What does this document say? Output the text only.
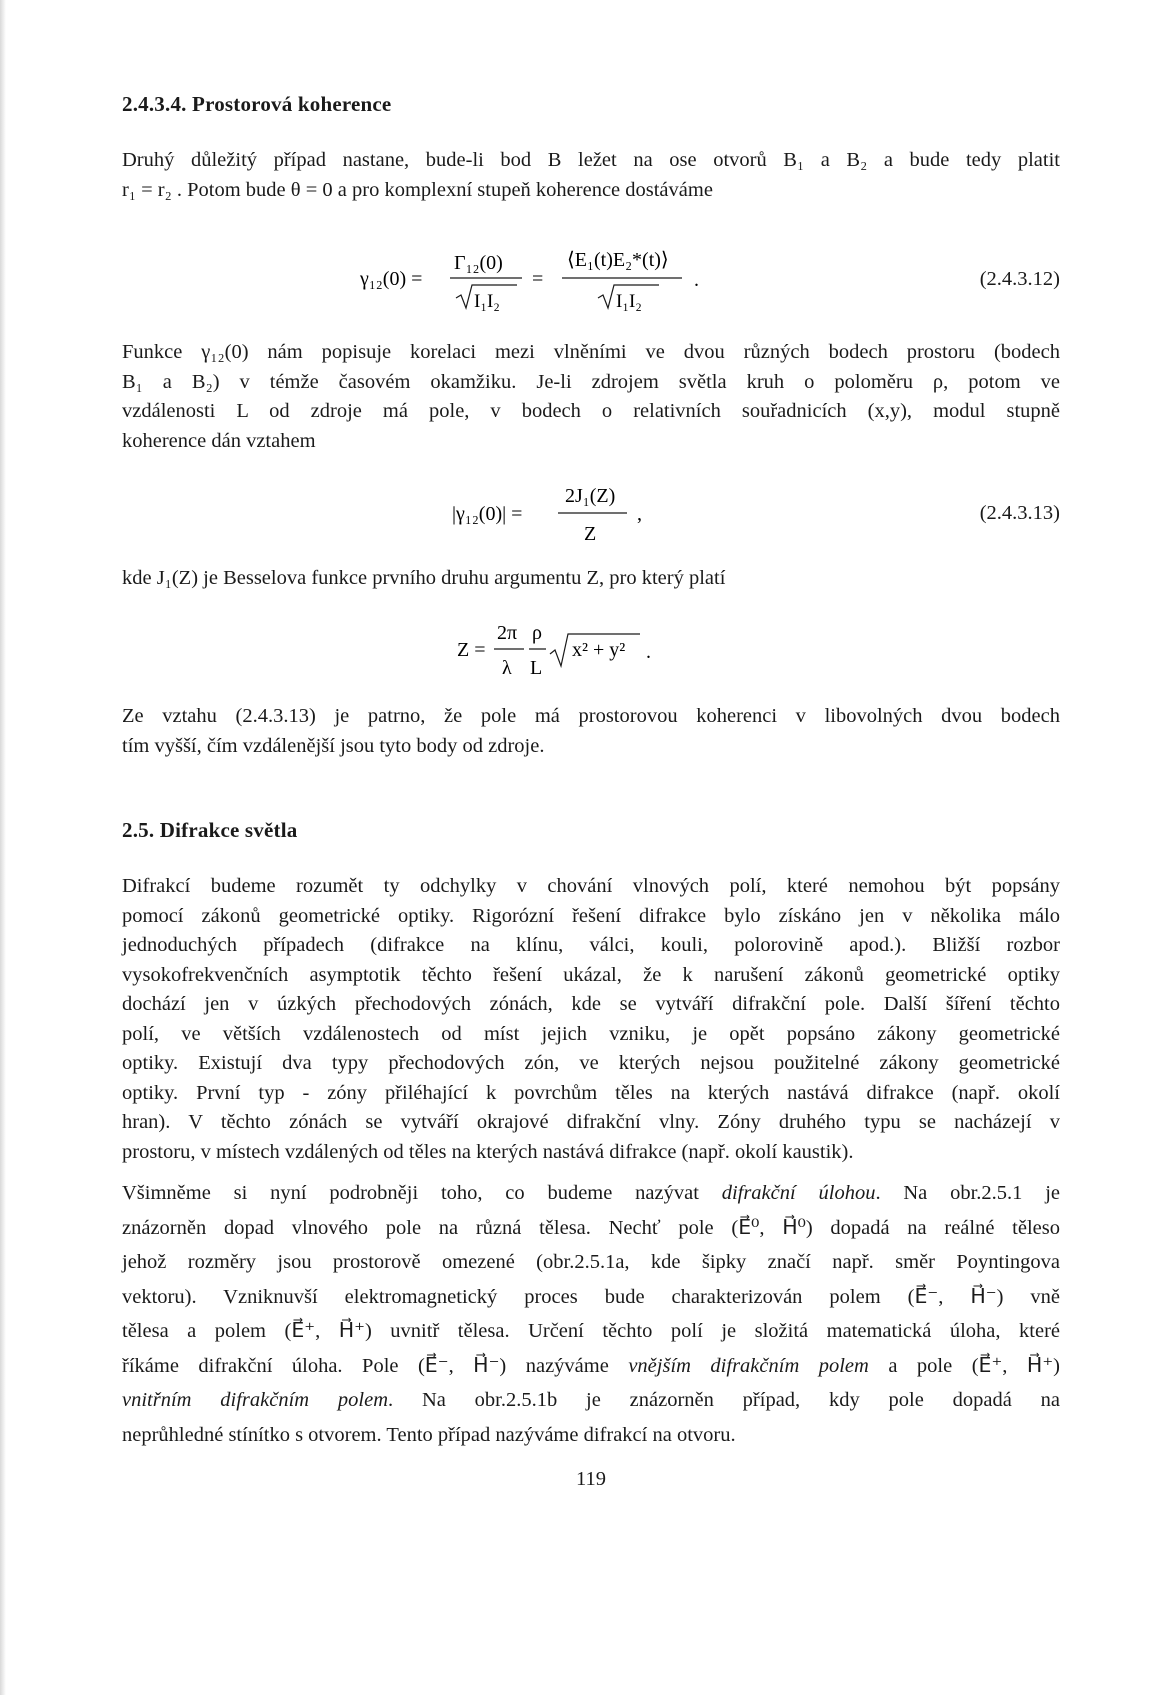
2.4.3.4. Prostorová koherence

Druhý důležitý případ nastane, bude-li bod B ležet na ose otvorů B₁ a B₂ a bude tedy platit
r₁ = r₂ . Potom bude θ = 0 a pro komplexní stupeň koherence dostáváme

γ₁₂(0) =
Γ₁₂(0)
I₁I₂
=
⟨E₁(t)E₂*(t)⟩
I₁I₂
.	(2.4.3.12)

Funkce γ₁₂(0) nám popisuje korelaci mezi vlněními ve dvou různých bodech prostoru (bodech
B₁ a B₂) v témže časovém okamžiku. Je-li zdrojem světla kruh o poloměru ρ, potom ve
vzdálenosti L od zdroje má pole, v bodech o relativních souřadnicích (x,y), modul stupně
koherence dán vztahem

|γ₁₂(0)| =
2J₁(Z)
Z
,	(2.4.3.13)

kde J₁(Z) je Besselova funkce prvního druhu argumentu Z, pro který platí

Z =
2π
λ
ρ
L
x² + y² .

Ze vztahu (2.4.3.13) je patrno, že pole má prostorovou koherenci v libovolných dvou bodech
tím vyšší, čím vzdálenější jsou tyto body od zdroje.

2.5. Difrakce světla

Difrakcí budeme rozumět ty odchylky v chování vlnových polí, které nemohou být popsány
pomocí zákonů geometrické optiky. Rigorózní řešení difrakce bylo získáno jen v několika málo
jednoduchých případech (difrakce na klínu, válci, kouli, polorovině apod.). Bližší rozbor
vysokofrekvenčních asymptotik těchto řešení ukázal, že k narušení zákonů geometrické optiky
dochází jen v úzkých přechodových zónách, kde se vytváří difrakční pole. Další šíření těchto
polí, ve větších vzdálenostech od míst jejich vzniku, je opět popsáno zákony geometrické
optiky. Existují dva typy přechodových zón, ve kterých nejsou použitelné zákony geometrické
optiky. První typ - zóny přiléhající k povrchům těles na kterých nastává difrakce (např. okolí
hran). V těchto zónách se vytváří okrajové difrakční vlny. Zóny druhého typu se nacházejí v
prostoru, v místech vzdálených od těles na kterých nastává difrakce (např. okolí kaustik).

Všimněme si nyní podrobněji toho, co budeme nazývat difrakční úlohou. Na obr.2.5.1 je
znázorněn dopad vlnového pole na různá tělesa. Nechť pole (E⃗⁰, H⃗⁰) dopadá na reálné těleso
jehož rozměry jsou prostorově omezené (obr.2.5.1a, kde šipky značí např. směr Poyntingova
vektoru). Vzniknuvší elektromagnetický proces bude charakterizován polem (E⃗⁻, H⃗⁻) vně
tělesa a polem (E⃗⁺, H⃗⁺) uvnitř tělesa. Určení těchto polí je složitá matematická úloha, které
říkáme difrakční úloha. Pole (E⃗⁻, H⃗⁻) nazýváme vnějším difrakčním polem a pole (E⃗⁺, H⃗⁺)
vnitřním difrakčním polem. Na obr.2.5.1b je znázorněn případ, kdy pole dopadá na
neprůhledné stínítko s otvorem. Tento případ nazýváme difrakcí na otvoru.

119
